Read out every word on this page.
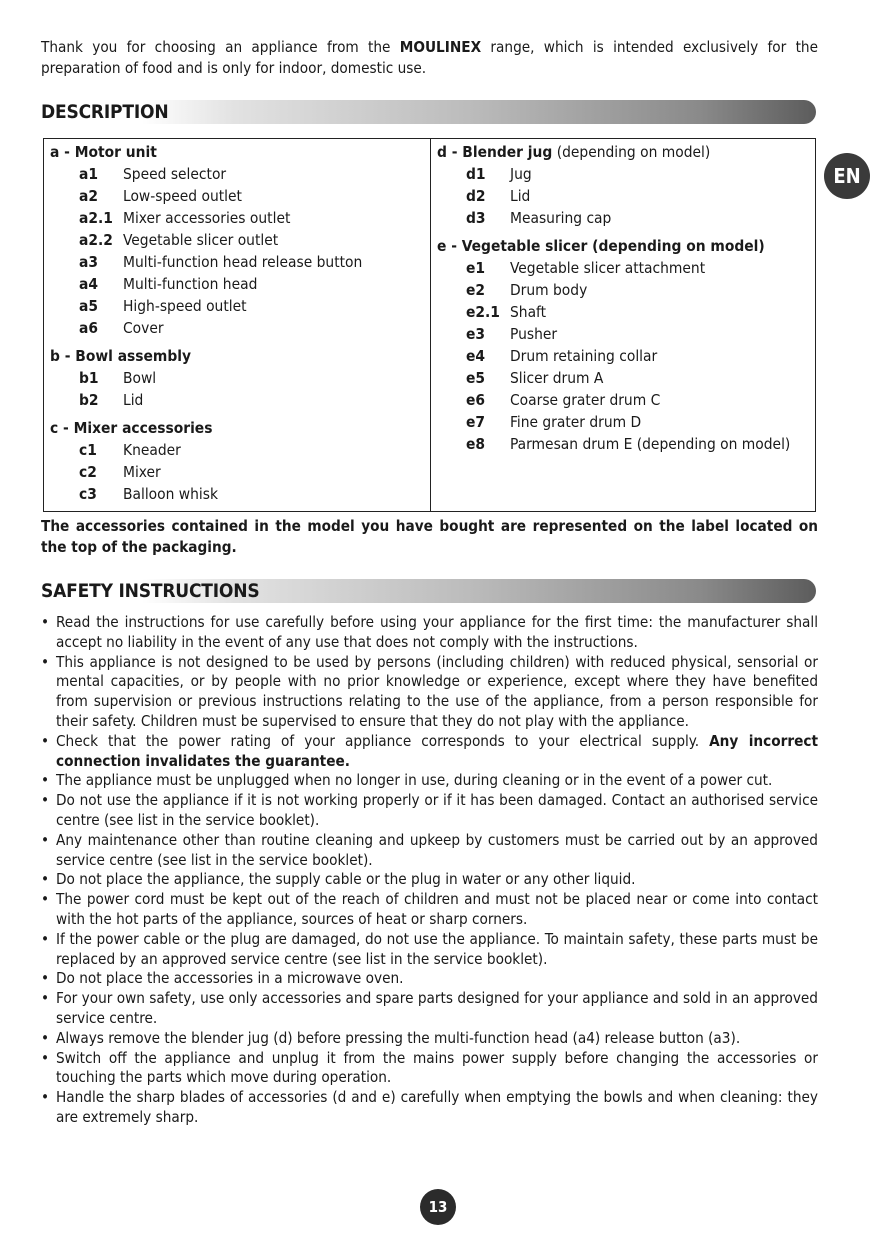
Thank you for choosing an appliance from the MOULINEX range, which is intended exclusively for the preparation of food and is only for indoor, domestic use.

DESCRIPTION
a - Motor unit
a1	Speed selector
a2	Low-speed outlet
a2.1 Mixer accessories outlet
a2.2 Vegetable slicer outlet
a3	Multi-function head release button
a4	Multi-function head
a5	High-speed outlet
a6	Cover
b - Bowl assembly
b1	Bowl
b2	Lid
c - Mixer accessories
c1	Kneader
c2	Mixer
c3	Balloon whisk
d - Blender jug (depending on model)
d1	Jug
d2	Lid
d3	Measuring cap
e - Vegetable slicer (depending on model)
e1	Vegetable slicer attachment
e2	Drum body
e2.1 Shaft
e3	Pusher
e4	Drum retaining collar
e5	Slicer drum A
e6	Coarse grater drum C
e7	Fine grater drum D
e8	Parmesan drum E (depending on model)

The accessories contained in the model you have bought are represented on the label located on the top of the packaging.

SAFETY INSTRUCTIONS
• Read the instructions for use carefully before using your appliance for the first time: the manufacturer shall accept no liability in the event of any use that does not comply with the instructions.
• This appliance is not designed to be used by persons (including children) with reduced physical, sensorial or mental capacities, or by people with no prior knowledge or experience, except where they have benefited from supervision or previous instructions relating to the use of the appliance, from a person responsible for their safety. Children must be supervised to ensure that they do not play with the appliance.
• Check that the power rating of your appliance corresponds to your electrical supply. Any incorrect connection invalidates the guarantee.
• The appliance must be unplugged when no longer in use, during cleaning or in the event of a power cut.
• Do not use the appliance if it is not working properly or if it has been damaged. Contact an authorised service centre (see list in the service booklet).
• Any maintenance other than routine cleaning and upkeep by customers must be carried out by an approved service centre (see list in the service booklet).
• Do not place the appliance, the supply cable or the plug in water or any other liquid.
• The power cord must be kept out of the reach of children and must not be placed near or come into contact with the hot parts of the appliance, sources of heat or sharp corners.
• If the power cable or the plug are damaged, do not use the appliance. To maintain safety, these parts must be replaced by an approved service centre (see list in the service booklet).
• Do not place the accessories in a microwave oven.
• For your own safety, use only accessories and spare parts designed for your appliance and sold in an approved service centre.
• Always remove the blender jug (d) before pressing the multi-function head (a4) release button (a3).
• Switch off the appliance and unplug it from the mains power supply before changing the accessories or touching the parts which move during operation.
• Handle the sharp blades of accessories (d and e) carefully when emptying the bowls and when cleaning: they are extremely sharp.
EN
13
